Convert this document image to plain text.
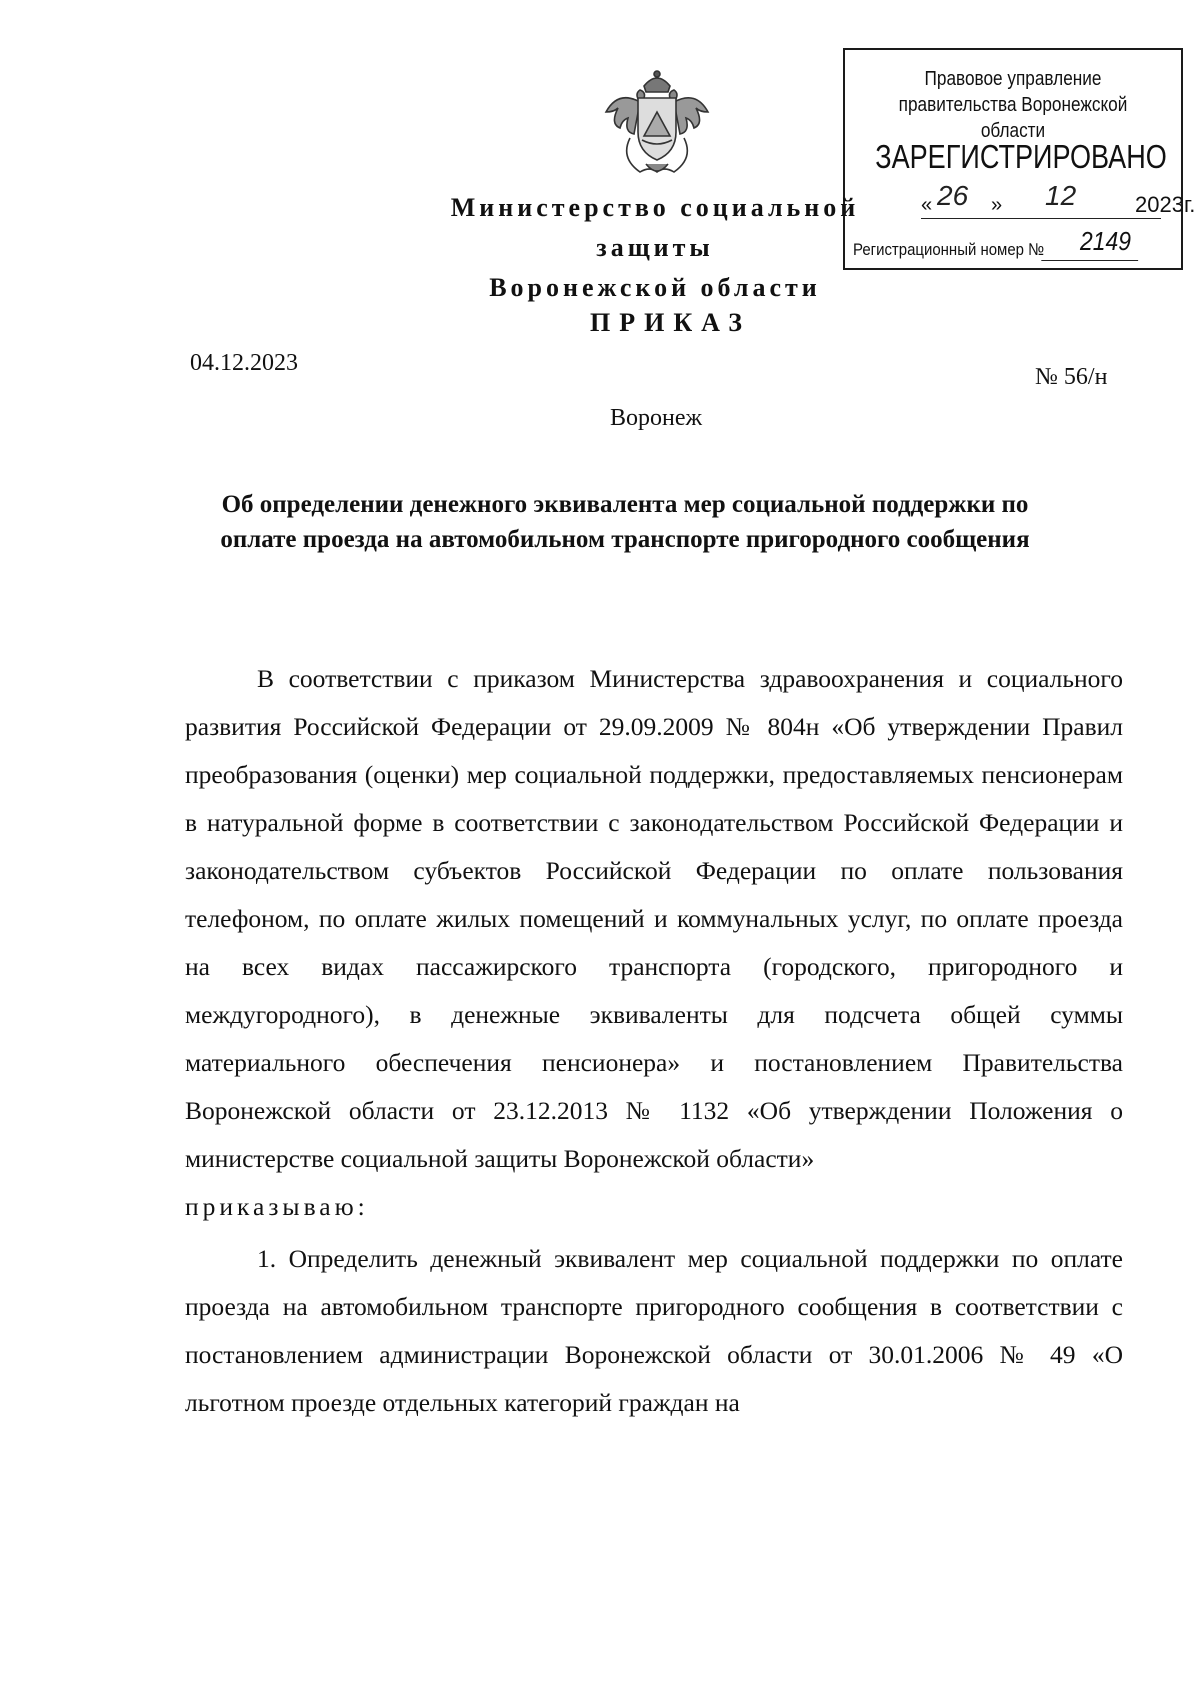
Правовое управление правительства Воронежской области
ЗАРЕГИСТРИРОВАНО
« 26 » 12	2023г.
Регистрационный номер № 2149
Министерство социальной защиты
Воронежской области
ПРИКАЗ
04.12.2023
№ 56/н
Воронеж
Об определении денежного эквивалента мер социальной поддержки по оплате проезда на автомобильном транспорте пригородного сообщения

В соответствии с приказом Министерства здравоохранения и социального развития Российской Федерации от 29.09.2009 № 804н «Об утверждении Правил преобразования (оценки) мер социальной поддержки, предоставляемых пенсионерам в натуральной форме в соответствии с законодательством Российской Федерации и законодательством субъектов Российской Федерации по оплате пользования телефоном, по оплате жилых помещений и коммунальных услуг, по оплате проезда на всех видах пассажирского транспорта (городского, пригородного и междугородного), в денежные эквиваленты для подсчета общей суммы материального обеспечения пенсионера» и постановлением Правительства Воронежской области от 23.12.2013 № 1132 «Об утверждении Положения о министерстве социальной защиты Воронежской области»

приказываю:

1. Определить денежный эквивалент мер социальной поддержки по оплате проезда на автомобильном транспорте пригородного сообщения в соответствии с постановлением администрации Воронежской области от 30.01.2006 № 49 «О льготном проезде отдельных категорий граждан на
